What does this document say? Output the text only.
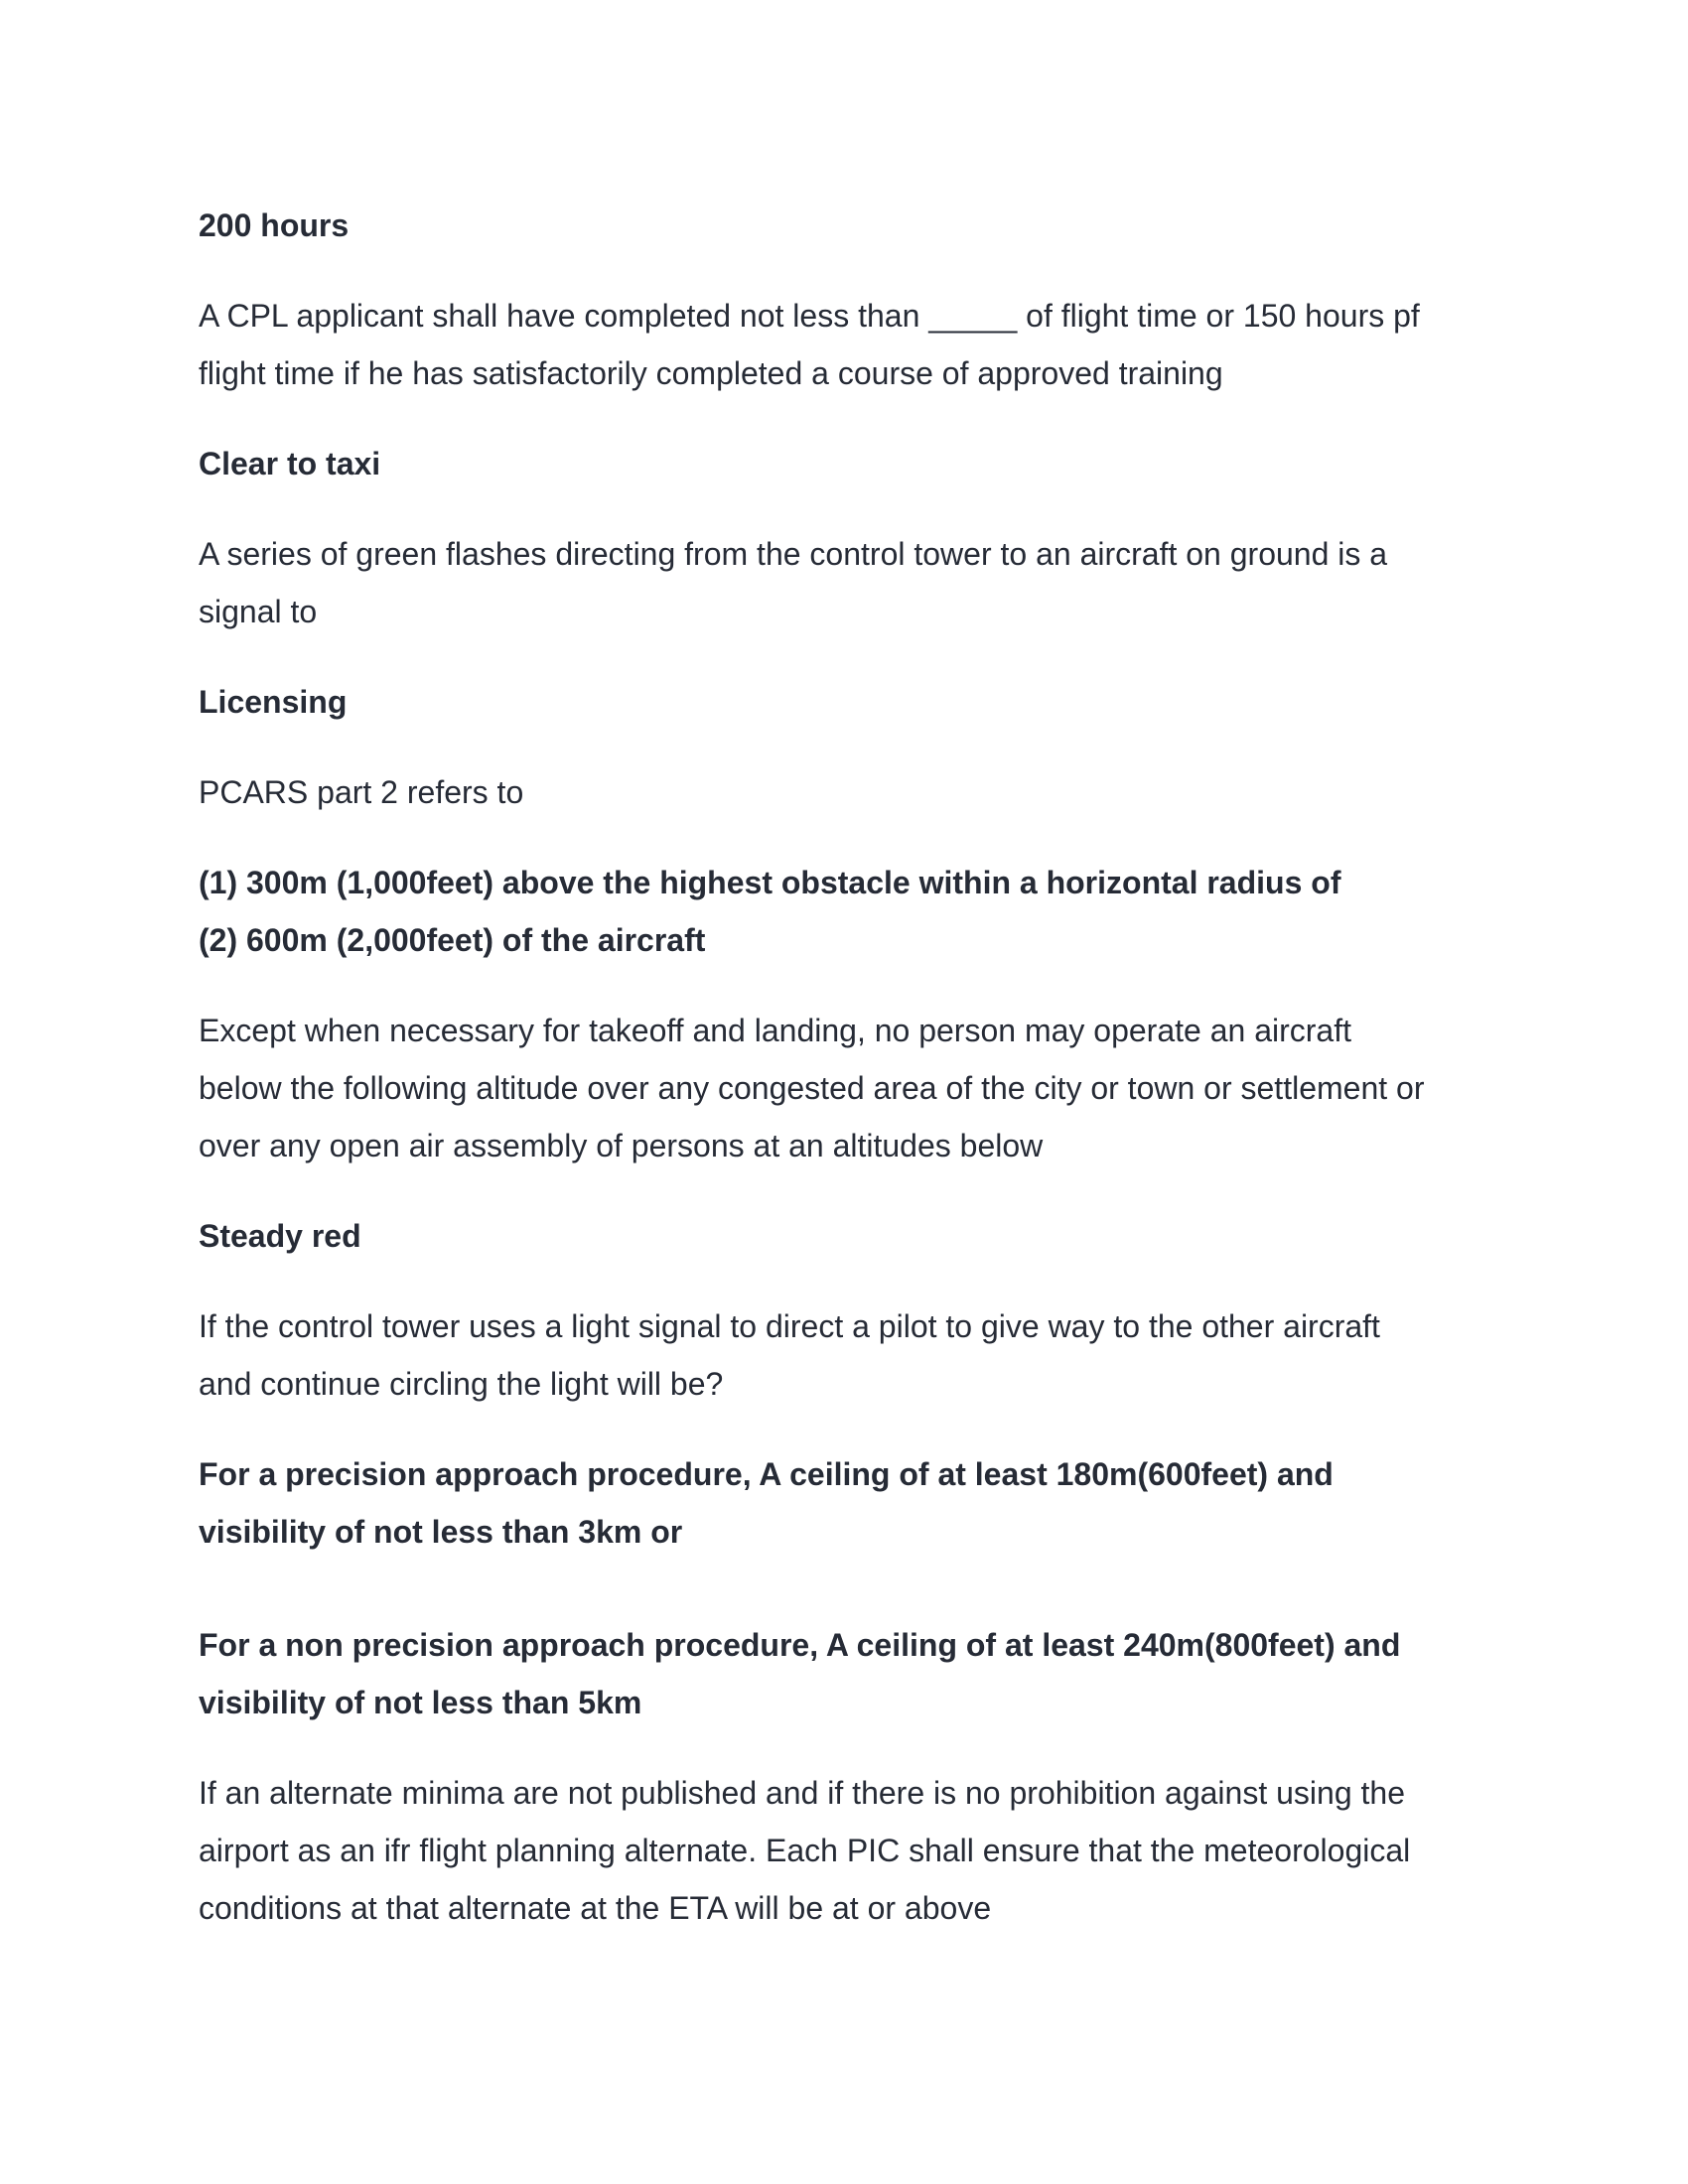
200 hours

A CPL applicant shall have completed not less than _____ of flight time or 150 hours pf
flight time if he has satisfactorily completed a course of approved training

Clear to taxi

A series of green flashes directing from the control tower to an aircraft on ground is a
signal to

Licensing

PCARS part 2 refers to

(1) 300m (1,000feet) above the highest obstacle within a horizontal radius of
(2) 600m (2,000feet) of the aircraft

Except when necessary for takeoff and landing, no person may operate an aircraft
below the following altitude over any congested area of the city or town or settlement or
over any open air assembly of persons at an altitudes below

Steady red

If the control tower uses a light signal to direct a pilot to give way to the other aircraft
and continue circling the light will be?

For a precision approach procedure, A ceiling of at least 180m(600feet) and
visibility of not less than 3km or

For a non precision approach procedure, A ceiling of at least 240m(800feet) and
visibility of not less than 5km

If an alternate minima are not published and if there is no prohibition against using the
airport as an ifr flight planning alternate. Each PIC shall ensure that the meteorological
conditions at that alternate at the ETA will be at or above
